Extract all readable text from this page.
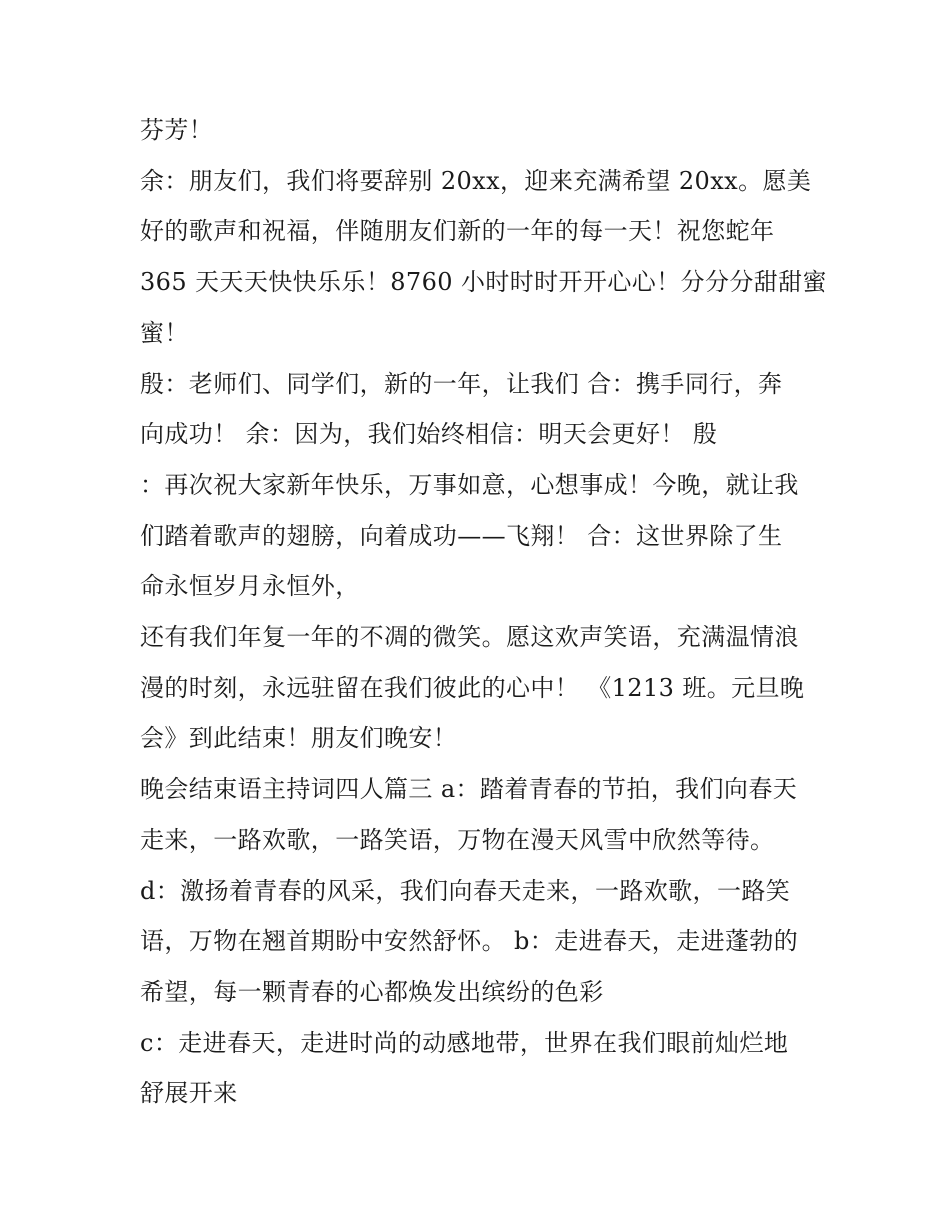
芬芳！
余：朋友们，我们将要辞别 20xx，迎来充满希望 20xx。愿美
好的歌声和祝福，伴随朋友们新的一年的每一天！祝您蛇年
365 天天天快快乐乐！8760 小时时时开开心心！分分分甜甜蜜
蜜！
殷：老师们、同学们，新的一年，让我们 合：携手同行，奔
向成功！ 余：因为，我们始终相信：明天会更好！ 殷
：再次祝大家新年快乐，万事如意，心想事成！今晚，就让我
们踏着歌声的翅膀，向着成功——飞翔！ 合：这世界除了生
命永恒岁月永恒外，
还有我们年复一年的不凋的微笑。愿这欢声笑语，充满温情浪
漫的时刻，永远驻留在我们彼此的心中！ 《1213 班。元旦晚
会》到此结束！朋友们晚安！
晚会结束语主持词四人篇三 a：踏着青春的节拍，我们向春天
走来，一路欢歌，一路笑语，万物在漫天风雪中欣然等待。
d：激扬着青春的风采，我们向春天走来，一路欢歌，一路笑
语，万物在翘首期盼中安然舒怀。 b：走进春天，走进蓬勃的
希望，每一颗青春的心都焕发出缤纷的色彩
c：走进春天，走进时尚的动感地带，世界在我们眼前灿烂地
舒展开来
